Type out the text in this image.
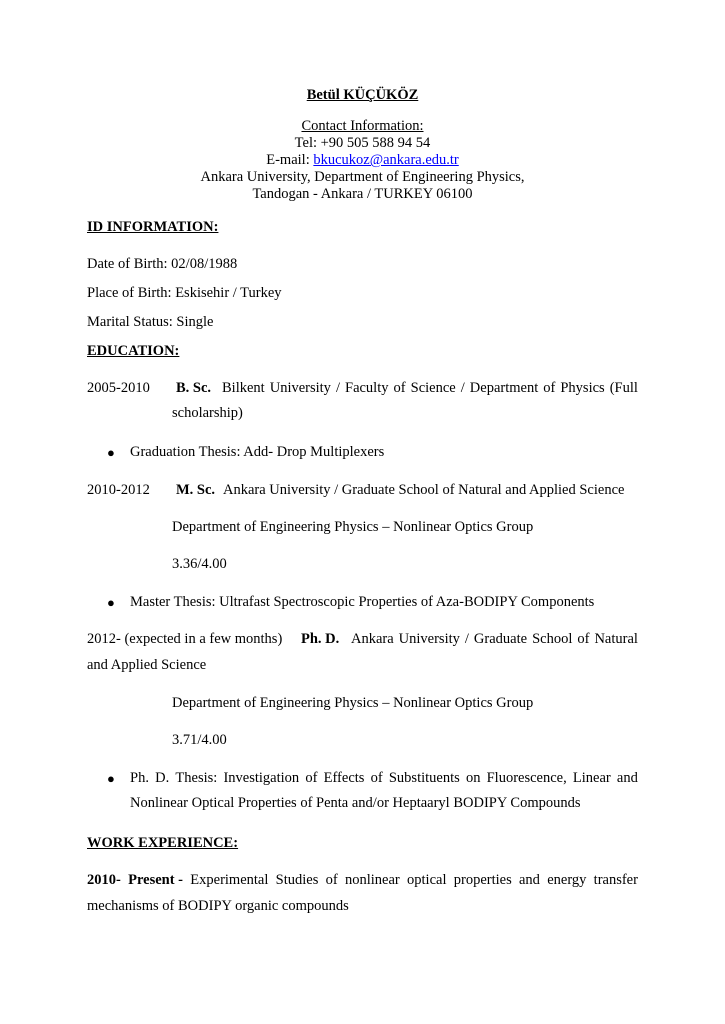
Betül KÜÇÜKÖZ
Contact Information:
Tel: +90 505 588 94 54
E-mail: bkucukoz@ankara.edu.tr
Ankara University, Department of Engineering Physics,
Tandogan - Ankara / TURKEY 06100
ID INFORMATION:
Date of Birth: 02/08/1988
Place of Birth: Eskisehir / Turkey
Marital Status: Single
EDUCATION:
2005-2010 B. Sc. Bilkent University / Faculty of Science / Department of Physics (Full
scholarship)
● Graduation Thesis: Add- Drop Multiplexers
2010-2012 M. Sc. Ankara University / Graduate School of Natural and Applied Science
Department of Engineering Physics – Nonlinear Optics Group
3.36/4.00
● Master Thesis: Ultrafast Spectroscopic Properties of Aza-BODIPY Components
2012- (expected in a few months) Ph. D. Ankara University / Graduate School of Natural
and Applied Science
Department of Engineering Physics – Nonlinear Optics Group
3.71/4.00
● Ph. D. Thesis: Investigation of Effects of Substituents on Fluorescence, Linear and
Nonlinear Optical Properties of Penta and/or Heptaaryl BODIPY Compounds
WORK EXPERIENCE:
2010- Present - Experimental Studies of nonlinear optical properties and energy transfer
mechanisms of BODIPY organic compounds
